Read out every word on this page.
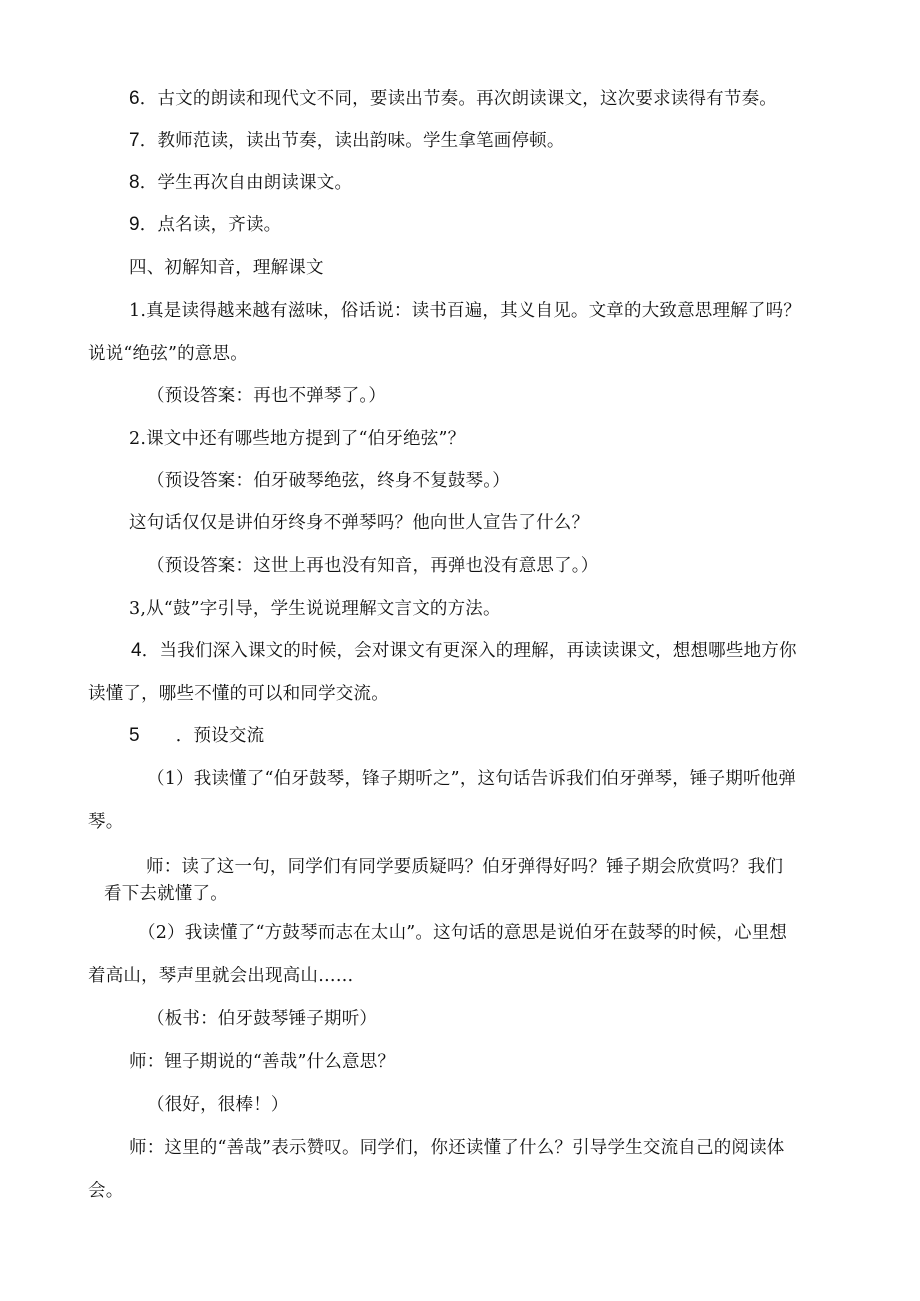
6．古文的朗读和现代文不同，要读出节奏。再次朗读课文，这次要求读得有节奏。
7．教师范读，读出节奏，读出韵味。学生拿笔画停顿。
8．学生再次自由朗读课文。
9．点名读，齐读。
四、初解知音，理解课文
1.真是读得越来越有滋味，俗话说：读书百遍，其义自见。文章的大致意思理解了吗？
说说“绝弦”的意思。
（预设答案：再也不弹琴了。）
2.课文中还有哪些地方提到了“伯牙绝弦”？
（预设答案：伯牙破琴绝弦，终身不复鼓琴。）
这句话仅仅是讲伯牙终身不弹琴吗？他向世人宣告了什么？
（预设答案：这世上再也没有知音，再弹也没有意思了。）
3,从“鼓”字引导，学生说说理解文言文的方法。
4．当我们深入课文的时候，会对课文有更深入的理解，再读读课文，想想哪些地方你
读懂了，哪些不懂的可以和同学交流。
5 ．预设交流
（1）我读懂了“伯牙鼓琴，锋子期听之”，这句话告诉我们伯牙弹琴，锤子期听他弹
琴。
师：读了这一句，同学们有同学要质疑吗？伯牙弹得好吗？锤子期会欣赏吗？我们
看下去就懂了。
（2）我读懂了“方鼓琴而志在太山”。这句话的意思是说伯牙在鼓琴的时候，心里想
着高山，琴声里就会出现高山……
（板书：伯牙鼓琴锤子期听）
师：锂子期说的“善哉”什么意思？
（很好，很棒！）
师：这里的“善哉”表示赞叹。同学们，你还读懂了什么？引导学生交流自己的阅读体
会。
